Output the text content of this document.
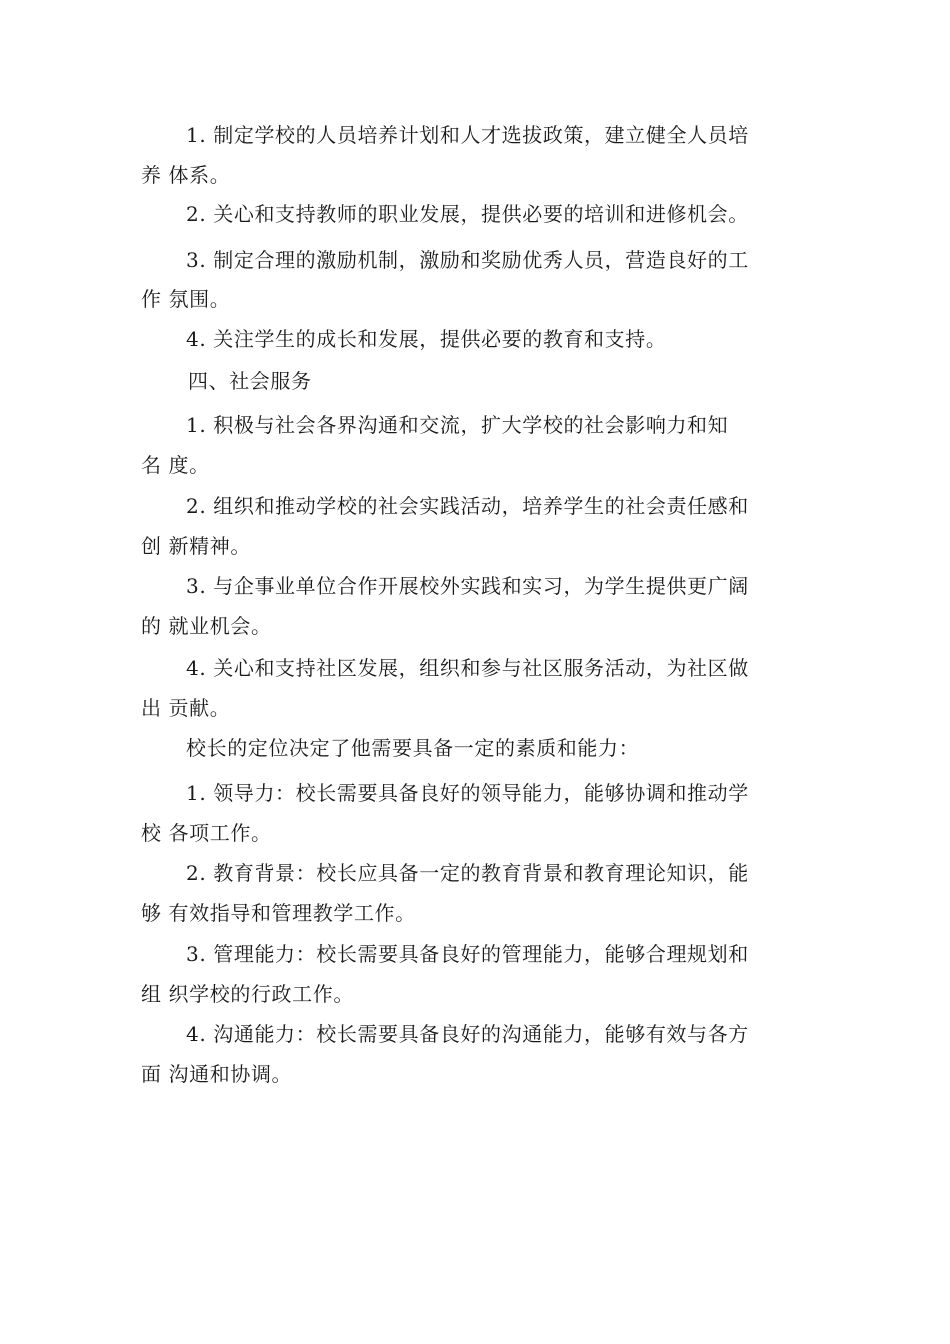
1. 制定学校的人员培养计划和人才选拔政策，建立健全人员培
养 体系。
2. 关心和支持教师的职业发展，提供必要的培训和进修机会。
3. 制定合理的激励机制，激励和奖励优秀人员，营造良好的工
作 氛围。
4. 关注学生的成长和发展，提供必要的教育和支持。
四、社会服务
1. 积极与社会各界沟通和交流，扩大学校的社会影响力和知
名 度。
2. 组织和推动学校的社会实践活动，培养学生的社会责任感和
创 新精神。
3. 与企事业单位合作开展校外实践和实习，为学生提供更广阔
的 就业机会。
4. 关心和支持社区发展，组织和参与社区服务活动，为社区做
出 贡献。
校长的定位决定了他需要具备一定的素质和能力：
1. 领导力：校长需要具备良好的领导能力，能够协调和推动学
校 各项工作。
2. 教育背景：校长应具备一定的教育背景和教育理论知识，能
够 有效指导和管理教学工作。
3. 管理能力：校长需要具备良好的管理能力，能够合理规划和
组 织学校的行政工作。
4. 沟通能力：校长需要具备良好的沟通能力，能够有效与各方
面 沟通和协调。
